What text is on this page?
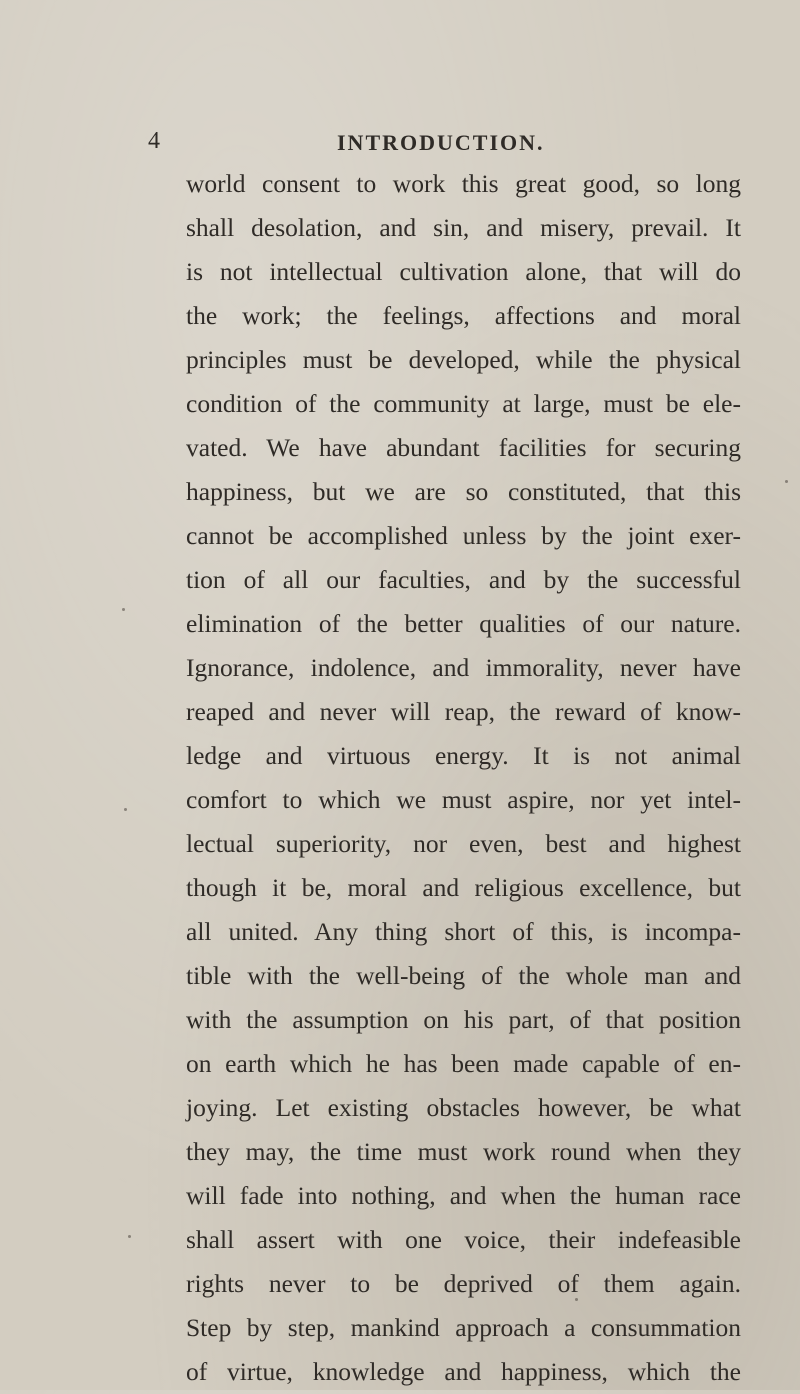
4	INTRODUCTION.
world consent to work this great good, so long
shall desolation, and sin, and misery, prevail. It
is not intellectual cultivation alone, that will do
the work; the feelings, affections and moral
principles must be developed, while the physical
condition of the community at large, must be ele-
vated. We have abundant facilities for securing
happiness, but we are so constituted, that this
cannot be accomplished unless by the joint exer-
tion of all our faculties, and by the successful
elimination of the better qualities of our nature.
Ignorance, indolence, and immorality, never have
reaped and never will reap, the reward of know-
ledge and virtuous energy. It is not animal
comfort to which we must aspire, nor yet intel-
lectual superiority, nor even, best and highest
though it be, moral and religious excellence, but
all united. Any thing short of this, is incompa-
tible with the well-being of the whole man and
with the assumption on his part, of that position
on earth which he has been made capable of en-
joying. Let existing obstacles however, be what
they may, the time must work round when they
will fade into nothing, and when the human race
shall assert with one voice, their indefeasible
rights never to be deprived of them again.
Step by step, mankind approach a consummation
of virtue, knowledge and happiness, which the
